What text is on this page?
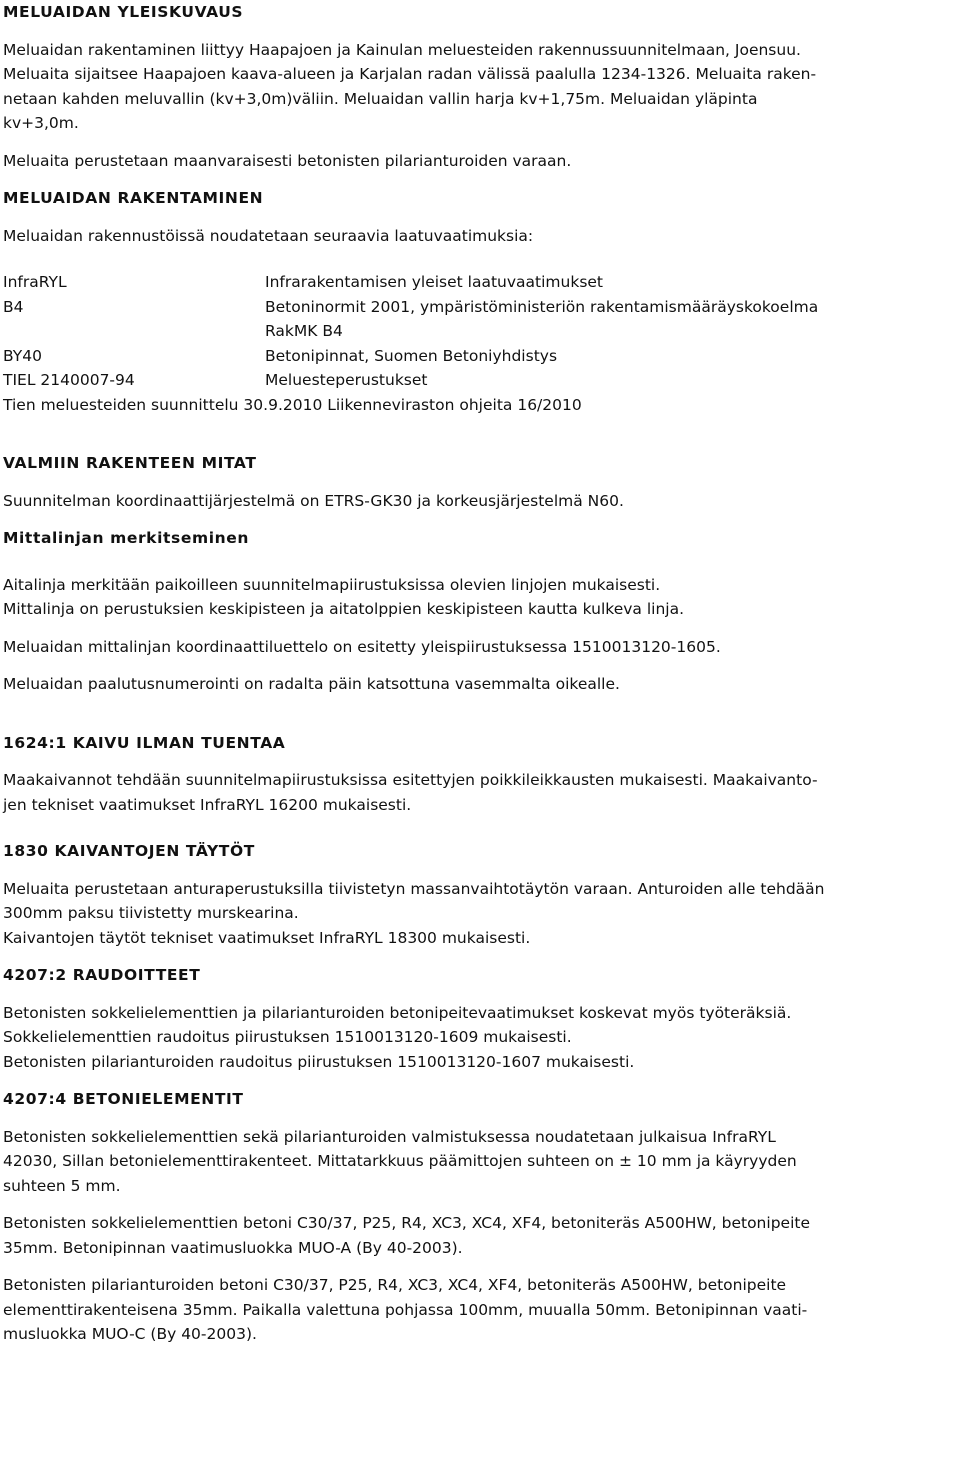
MELUAIDAN YLEISKUVAUS

Meluaidan rakentaminen liittyy Haapajoen ja Kainulan meluesteiden rakennussuunnitelmaan, Joensuu.

Meluaita sijaitsee Haapajoen kaava-alueen ja Karjalan radan välissä paalulla 1234-1326. Meluaita raken-

netaan kahden meluvallin (kv+3,0m)väliin. Meluaidan vallin harja kv+1,75m. Meluaidan yläpinta

kv+3,0m.

Meluaita perustetaan maanvaraisesti betonisten pilarianturoiden varaan.

MELUAIDAN RAKENTAMINEN

Meluaidan rakennustöissä noudatetaan seuraavia laatuvaatimuksia:

InfraRYL	Infrarakentamisen yleiset laatuvaatimukset
B4	Betoninormit 2001, ympäristöministeriön rakentamismääräyskokoelma
RakMK B4
BY40	Betonipinnat, Suomen Betoniyhdistys
TIEL 2140007-94	Meluesteperustukset

Tien meluesteiden suunnittelu 30.9.2010 Liikenneviraston ohjeita 16/2010

VALMIIN RAKENTEEN MITAT

Suunnitelman koordinaattijärjestelmä on ETRS-GK30 ja korkeusjärjestelmä N60.

Mittalinjan merkitseminen

Aitalinja merkitään paikoilleen suunnitelmapiirustuksissa olevien linjojen mukaisesti.

Mittalinja on perustuksien keskipisteen ja aitatolppien keskipisteen kautta kulkeva linja.

Meluaidan mittalinjan koordinaattiluettelo on esitetty yleispiirustuksessa 1510013120-1605.

Meluaidan paalutusnumerointi on radalta päin katsottuna vasemmalta oikealle.

1624:1 KAIVU ILMAN TUENTAA

Maakaivannot tehdään suunnitelmapiirustuksissa esitettyjen poikkileikkausten mukaisesti. Maakaivanto-

jen tekniset vaatimukset InfraRYL 16200 mukaisesti.

1830 KAIVANTOJEN TÄYTÖT

Meluaita perustetaan anturaperustuksilla tiivistetyn massanvaihtotäytön varaan. Anturoiden alle tehdään

300mm paksu tiivistetty murskearina.

Kaivantojen täytöt tekniset vaatimukset InfraRYL 18300 mukaisesti.

4207:2 RAUDOITTEET

Betonisten sokkelielementtien ja pilarianturoiden betonipeitevaatimukset koskevat myös työteräksiä.

Sokkelielementtien raudoitus piirustuksen 1510013120-1609 mukaisesti.

Betonisten pilarianturoiden raudoitus piirustuksen 1510013120-1607 mukaisesti.

4207:4 BETONIELEMENTIT

Betonisten sokkelielementtien sekä pilarianturoiden valmistuksessa noudatetaan julkaisua InfraRYL

42030, Sillan betonielementtirakenteet. Mittatarkkuus päämittojen suhteen on ± 10 mm ja käyryyden

suhteen 5 mm.

Betonisten sokkelielementtien betoni C30/37, P25, R4, XC3, XC4, XF4, betoniteräs A500HW, betonipeite

35mm. Betonipinnan vaatimusluokka MUO-A (By 40-2003).

Betonisten pilarianturoiden betoni C30/37, P25, R4, XC3, XC4, XF4, betoniteräs A500HW, betonipeite

elementtirakenteisena 35mm. Paikalla valettuna pohjassa 100mm, muualla 50mm. Betonipinnan vaati-

musluokka MUO-C (By 40-2003).
